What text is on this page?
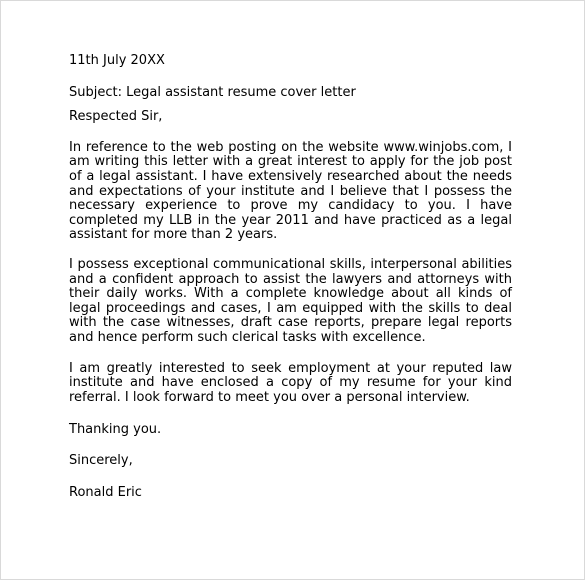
11th July 20XX

Subject: Legal assistant resume cover letter

Respected Sir,

In reference to the web posting on the website www.winjobs.com, I am writing this letter with a great interest to apply for the job post of a legal assistant. I have extensively researched about the needs and expectations of your institute and I believe that I possess the necessary experience to prove my candidacy to you. I have completed my LLB in the year 2011 and have practiced as a legal assistant for more than 2 years.

I possess exceptional communicational skills, interpersonal abilities and a confident approach to assist the lawyers and attorneys with their daily works. With a complete knowledge about all kinds of legal proceedings and cases, I am equipped with the skills to deal with the case witnesses, draft case reports, prepare legal reports and hence perform such clerical tasks with excellence.

I am greatly interested to seek employment at your reputed law institute and have enclosed a copy of my resume for your kind referral. I look forward to meet you over a personal interview.

Thanking you.

Sincerely,

Ronald Eric
